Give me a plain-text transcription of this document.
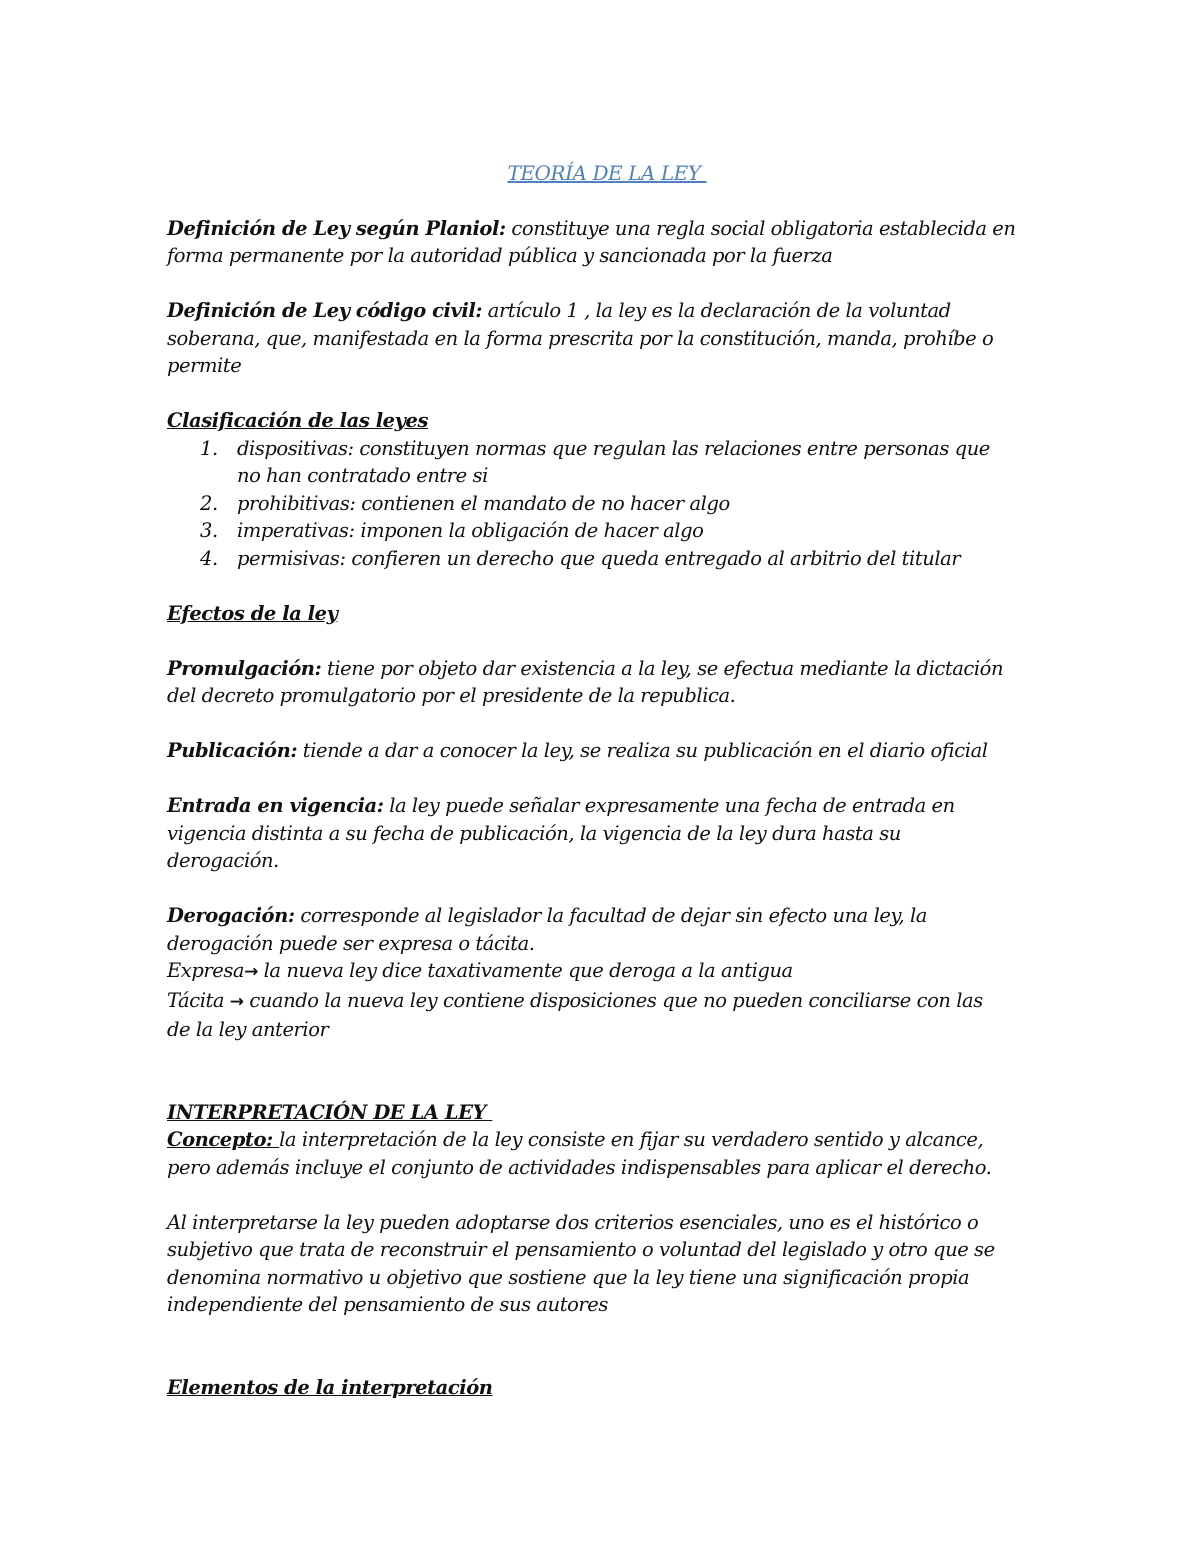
TEORÍA DE LA LEY

Definición de Ley según Planiol: constituye una regla social obligatoria establecida en
forma permanente por la autoridad pública y sancionada por la fuerza

Definición de Ley código civil: artículo 1 , la ley es la declaración de la voluntad
soberana, que, manifestada en la forma prescrita por la constitución, manda, prohíbe o
permite

Clasificación de las leyes

1. dispositivas: constituyen normas que regulan las relaciones entre personas que
no han contratado entre si
2. prohibitivas: contienen el mandato de no hacer algo
3. imperativas: imponen la obligación de hacer algo
4. permisivas: confieren un derecho que queda entregado al arbitrio del titular

Efectos de la ley

Promulgación: tiene por objeto dar existencia a la ley, se efectua mediante la dictación
del decreto promulgatorio por el presidente de la republica.

Publicación: tiende a dar a conocer la ley, se realiza su publicación en el diario oficial

Entrada en vigencia: la ley puede señalar expresamente una fecha de entrada en
vigencia distinta a su fecha de publicación, la vigencia de la ley dura hasta su
derogación.

Derogación: corresponde al legislador la facultad de dejar sin efecto una ley, la
derogación puede ser expresa o tácita.
Expresa→ la nueva ley dice taxativamente que deroga a la antigua
Tácita → cuando la nueva ley contiene disposiciones que no pueden conciliarse con las
de la ley anterior

INTERPRETACIÓN DE LA LEY

Concepto: la interpretación de la ley consiste en fijar su verdadero sentido y alcance,
pero además incluye el conjunto de actividades indispensables para aplicar el derecho.

Al interpretarse la ley pueden adoptarse dos criterios esenciales, uno es el histórico o
subjetivo que trata de reconstruir el pensamiento o voluntad del legislado y otro que se
denomina normativo u objetivo que sostiene que la ley tiene una significación propia
independiente del pensamiento de sus autores

Elementos de la interpretación
